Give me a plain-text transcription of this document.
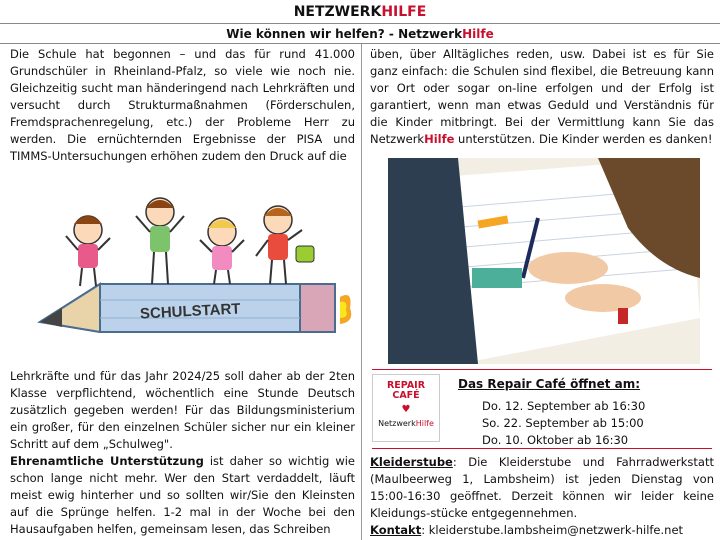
NETZWERKHILFE
Wie können wir helfen? - NetzwerkHilfe

Die Schule hat begonnen – und das für rund 41.000 Grundschüler in Rheinland-Pfalz, so viele wie noch nie. Gleichzeitig sucht man händeringend nach Lehrkräften und versucht durch Strukturmaßnahmen (Förderschulen, Fremdsprachenregelung, etc.) der Probleme Herr zu werden. Die ernüchternden Ergebnisse der PISA und TIMMS-Untersuchungen erhöhen zudem den Druck auf die

SCHULSTART

Lehrkräfte und für das Jahr 2024/25 soll daher ab der 2ten Klasse verpflichtend, wöchentlich eine Stunde Deutsch zusätzlich gegeben werden! Für das Bildungsministerium ein großer, für den einzelnen Schüler sicher nur ein kleiner Schritt auf dem „Schulweg".
Ehrenamtliche Unterstützung ist daher so wichtig wie schon lange nicht mehr. Wer den Start verdaddelt, läuft meist ewig hinterher und so sollten wir/Sie den Kleinsten auf die Sprünge helfen. 1-2 mal in der Woche bei den Hausaufgaben helfen, gemeinsam lesen, das Schreiben

üben, über Alltägliches reden, usw. Dabei ist es für Sie ganz einfach: die Schulen sind flexibel, die Betreuung kann vor Ort oder sogar on-line erfolgen und der Erfolg ist garantiert, wenn man etwas Geduld und Verständnis für die Kinder mitbringt. Bei der Vermittlung kann Sie das NetzwerkHilfe unterstützen. Die Kinder werden es danken!

REPAIR
CAFÉ
♥
NetzwerkHilfe
Das Repair Café öffnet am:
Do. 12. September ab 16:30
So. 22. September ab 15:00
Do. 10. Oktober ab 16:30

Kleiderstube: Die Kleiderstube und Fahrradwerkstatt (Maulbeerweg 1, Lambsheim) ist jeden Dienstag von 15:00-16:30 geöffnet. Derzeit können wir leider keine Kleidungs-stücke entgegennehmen.

Kontakt: kleiderstube.lambsheim@netzwerk-hilfe.net
